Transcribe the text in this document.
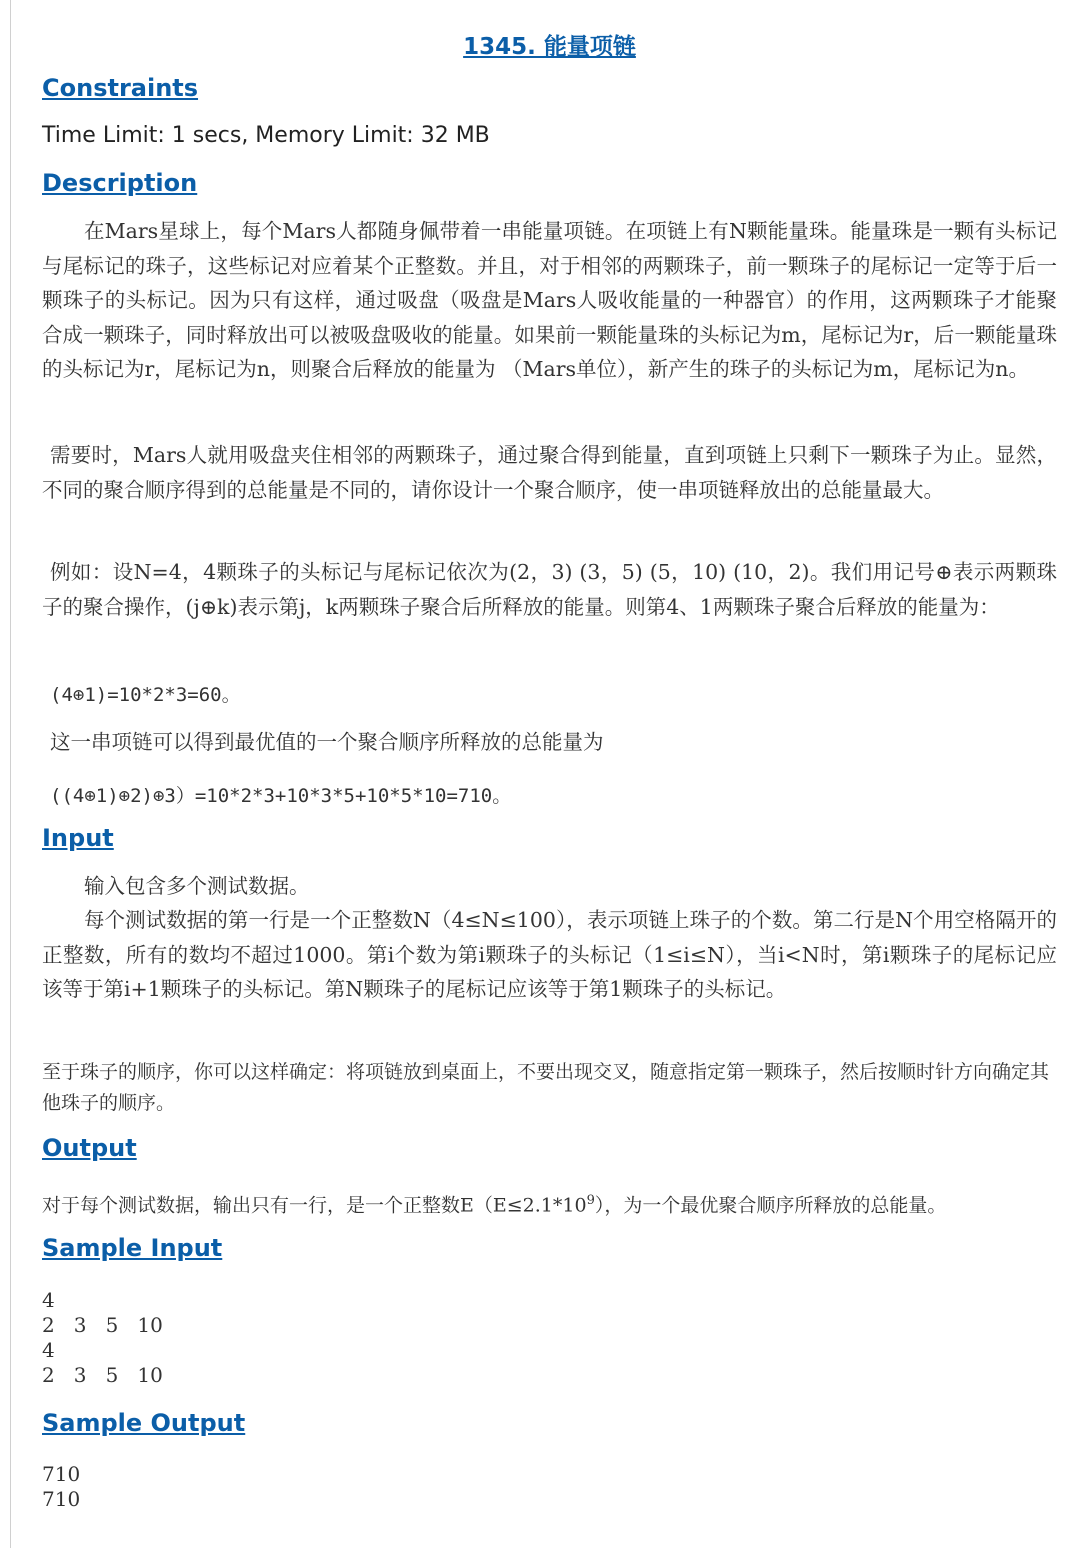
1345. 能量项链
Constraints
Time Limit: 1 secs, Memory Limit: 32 MB
Description

在Mars星球上，每个Mars人都随身佩带着一串能量项链。在项链上有N颗能量珠。能量珠是一颗有头标记与尾标记的珠子，这些标记对应着某个正整数。并且，对于相邻的两颗珠子，前一颗珠子的尾标记一定等于后一颗珠子的头标记。因为只有这样，通过吸盘（吸盘是Mars人吸收能量的一种器官）的作用，这两颗珠子才能聚合成一颗珠子，同时释放出可以被吸盘吸收的能量。如果前一颗能量珠的头标记为m，尾标记为r，后一颗能量珠的头标记为r，尾标记为n，则聚合后释放的能量为 （Mars单位），新产生的珠子的头标记为m，尾标记为n。

需要时，Mars人就用吸盘夹住相邻的两颗珠子，通过聚合得到能量，直到项链上只剩下一颗珠子为止。显然，不同的聚合顺序得到的总能量是不同的，请你设计一个聚合顺序，使一串项链释放出的总能量最大。

例如：设N=4，4颗珠子的头标记与尾标记依次为(2，3) (3，5) (5，10) (10，2)。我们用记号⊕表示两颗珠子的聚合操作，(j⊕k)表示第j，k两颗珠子聚合后所释放的能量。则第4、1两颗珠子聚合后释放的能量为：

(4⊕1)=10*2*3=60。

这一串项链可以得到最优值的一个聚合顺序所释放的总能量为

((4⊕1)⊕2)⊕3）=10*2*3+10*3*5+10*5*10=710。
Input

输入包含多个测试数据。

每个测试数据的第一行是一个正整数N（4≤N≤100），表示项链上珠子的个数。第二行是N个用空格隔开的正整数，所有的数均不超过1000。第i个数为第i颗珠子的头标记（1≤i≤N），当i<N时，第i颗珠子的尾标记应该等于第i+1颗珠子的头标记。第N颗珠子的尾标记应该等于第1颗珠子的头标记。

至于珠子的顺序，你可以这样确定：将项链放到桌面上，不要出现交叉，随意指定第一颗珠子，然后按顺时针方向确定其他珠子的顺序。

Output

对于每个测试数据，输出只有一行，是一个正整数$E(E\le 2.1*10^9)$，为一个最优聚合顺序所释放的总能量。

Sample Input
4
2   3   5   10
4
2   3   5   10
Sample Output
710
710
